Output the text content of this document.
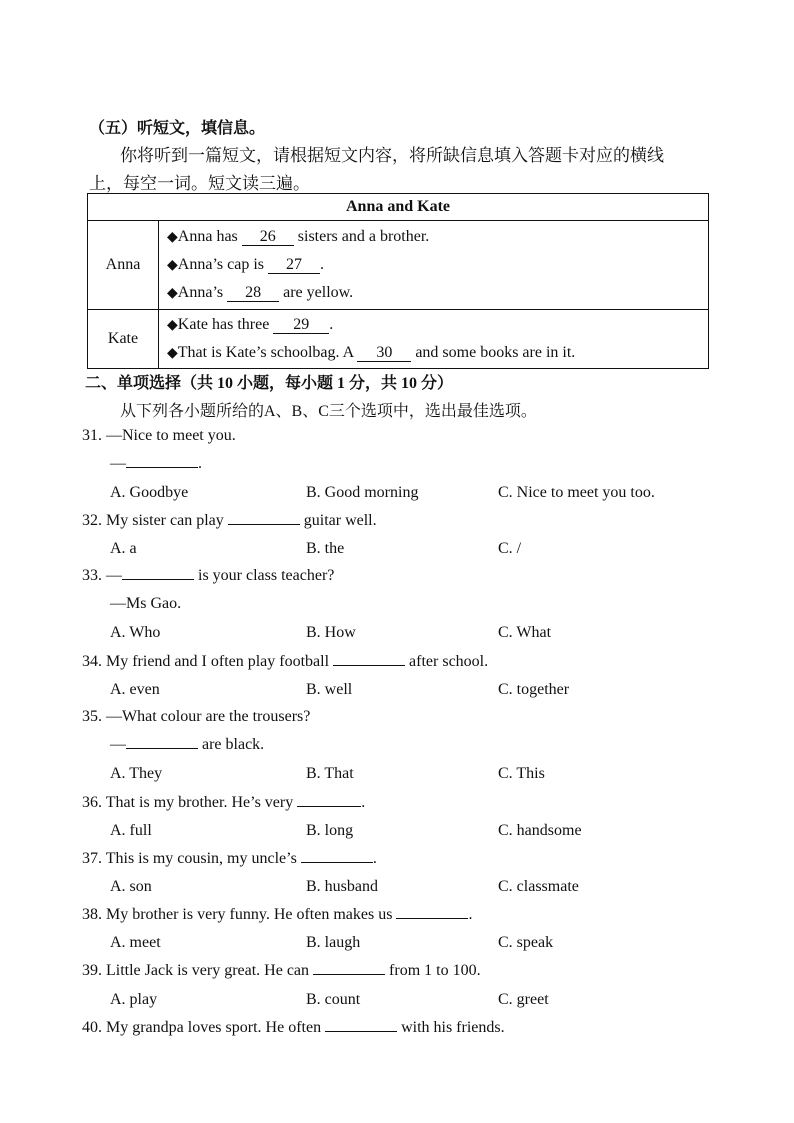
（五）听短文，填信息。
你将听到一篇短文，请根据短文内容，将所缺信息填入答题卡对应的横线
上，每空一词。短文读三遍。
Anna and Kate	
Anna	◆Anna has 26 sisters and a brother.
◆Anna’s cap is 27 .
◆Anna’s 28 are yellow.

Kate	◆Kate has three 29 .
◆That is Kate’s schoolbag. A 30 and some books are in it.
二、单项选择（共 10 小题，每小题 1 分，共 10 分）
从下列各小题所给的A、B、C三个选项中，选出最佳选项。
31. —Nice to meet you.
—	.
A. Goodbye	B. Good morning	C. Nice to meet you too.
32. My sister can play	guitar well.
A. a	B. the	C. /
33. —	is your class teacher?
—Ms Gao.
A. Who	B. How	C. What
34. My friend and I often play football	after school.
A. even	B. well	C. together
35. —What colour are the trousers?
—	are black.
A. They	B. That	C. This
36. That is my brother. He’s very	.
A. full	B. long	C. handsome
37. This is my cousin, my uncle’s	.
A. son	B. husband	C. classmate
38. My brother is very funny. He often makes us	.
A. meet	B. laugh	C. speak
39. Little Jack is very great. He can	from 1 to 100.
A. play	B. count	C. greet
40. My grandpa loves sport. He often	with his friends.
